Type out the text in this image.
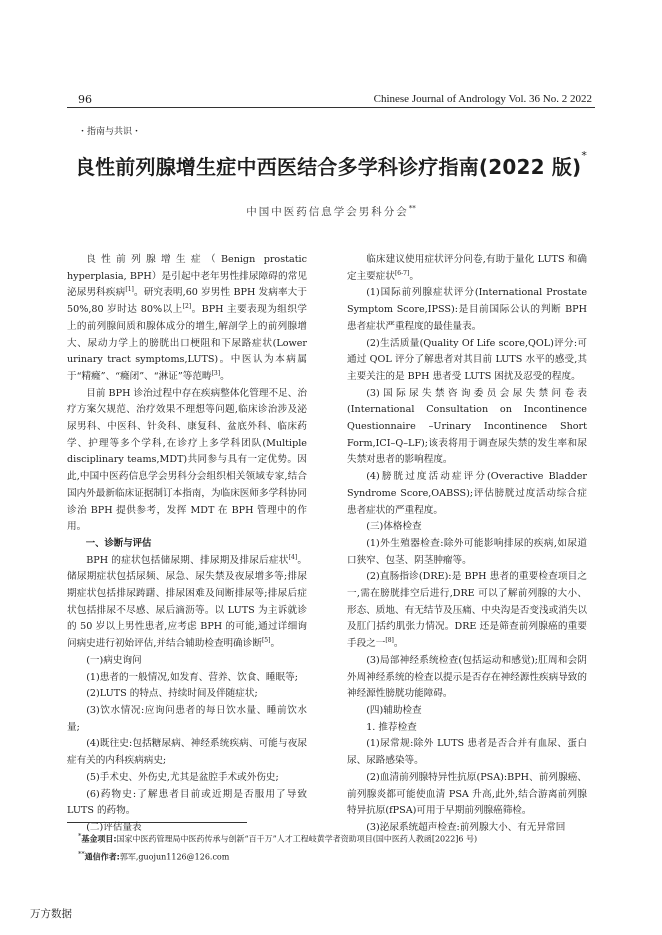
96	Chinese Journal of Andrology Vol. 36 No. 2 2022
・指南与共识・
良性前列腺增生症中西医结合多学科诊疗指南(2022 版)*
中国中医药信息学会男科分会**

良性前列腺增生症（Benign prostatic hyperplasia, BPH）是引起中老年男性排尿障碍的常见泌尿男科疾病[1]。研究表明,60 岁男性 BPH 发病率大于 50%,80 岁时达 80%以上[2]。BPH 主要表现为组织学上的前列腺间质和腺体成分的增生,解剖学上的前列腺增大、尿动力学上的膀胱出口梗阻和下尿路症状(Lower urinary tract symptoms,LUTS)。中医认为本病属于“精癃”、“癃闭”、“淋证”等范畴[3]。

目前 BPH 诊治过程中存在疾病整体化管理不足、治疗方案欠规范、治疗效果不理想等问题,临床诊治涉及泌尿男科、中医科、针灸科、康复科、盆底外科、临床药学、护理等多个学科,在诊疗上多学科团队(Multiple disciplinary teams,MDT)共同参与具有一定优势。因此,中国中医药信息学会男科分会组织相关领域专家,结合国内外最新临床证据制订本指南，为临床医师多学科协同诊治 BPH 提供参考，发挥 MDT 在 BPH 管理中的作用。

一、诊断与评估

BPH 的症状包括储尿期、排尿期及排尿后症状[4]。储尿期症状包括尿频、尿急、尿失禁及夜尿增多等;排尿期症状包括排尿踌躇、排尿困难及间断排尿等;排尿后症状包括排尿不尽感、尿后滴沥等。以 LUTS 为主诉就诊的 50 岁以上男性患者,应考虑 BPH 的可能,通过详细询问病史进行初始评估,并结合辅助检查明确诊断[5]。

(一)病史询问

(1)患者的一般情况,如发育、营养、饮食、睡眠等;

(2)LUTS 的特点、持续时间及伴随症状;

(3)饮水情况:应询问患者的每日饮水量、睡前饮水量;

(4)既往史:包括糖尿病、神经系统疾病、可能与夜尿症有关的内科疾病病史;

(5)手术史、外伤史,尤其是盆腔手术或外伤史;

(6)药物史:了解患者目前或近期是否服用了导致 LUTS 的药物。

(二)评估量表

临床建议使用症状评分问卷,有助于量化 LUTS 和确定主要症状[6-7]。

(1)国际前列腺症状评分(International Prostate Symptom Score,IPSS):是目前国际公认的判断 BPH 患者症状严重程度的最佳量表。

(2)生活质量(Quality Of Life score,QOL)评分:可通过 QOL 评分了解患者对其目前 LUTS 水平的感受,其主要关注的是 BPH 患者受 LUTS 困扰及忍受的程度。

(3)国际尿失禁咨询委员会尿失禁问卷表(International Consultation on Incontinence Questionnaire –Urinary Incontinence Short Form,ICI–Q–LF);该表将用于调查尿失禁的发生率和尿失禁对患者的影响程度。

(4)膀胱过度活动症评分(Overactive Bladder Syndrome Score,OABSS);评估膀胱过度活动综合症患者症状的严重程度。

(三)体格检查

(1)外生殖器检查:除外可能影响排尿的疾病,如尿道口狭窄、包茎、阴茎肿瘤等。

(2)直肠指诊(DRE):是 BPH 患者的重要检查项目之一,需在膀胱排空后进行,DRE 可以了解前列腺的大小、形态、质地、有无结节及压痛、中央沟是否变浅或消失以及肛门括约肌张力情况。DRE 还是筛查前列腺癌的重要手段之一[8]。

(3)局部神经系统检查(包括运动和感觉);肛周和会阴外周神经系统的检查以提示是否存在神经源性疾病导致的神经源性膀胱功能障碍。

(四)辅助检查

1. 推荐检查

(1)尿常规:除外 LUTS 患者是否合并有血尿、蛋白尿、尿路感染等。

(2)血清前列腺特异性抗原(PSA):BPH、前列腺癌、前列腺炎都可能使血清 PSA 升高,此外,结合游离前列腺特异抗原(fPSA)可用于早期前列腺癌筛检。

(3)泌尿系统超声检查:前列腺大小、有无异常回

*基金项目:国家中医药管理局中医药传承与创新“百千万”人才工程岐黄学者资助项目(国中医药人教函[2022]6 号)

**通信作者:郭军,guojun1126@126.com

万方数据
